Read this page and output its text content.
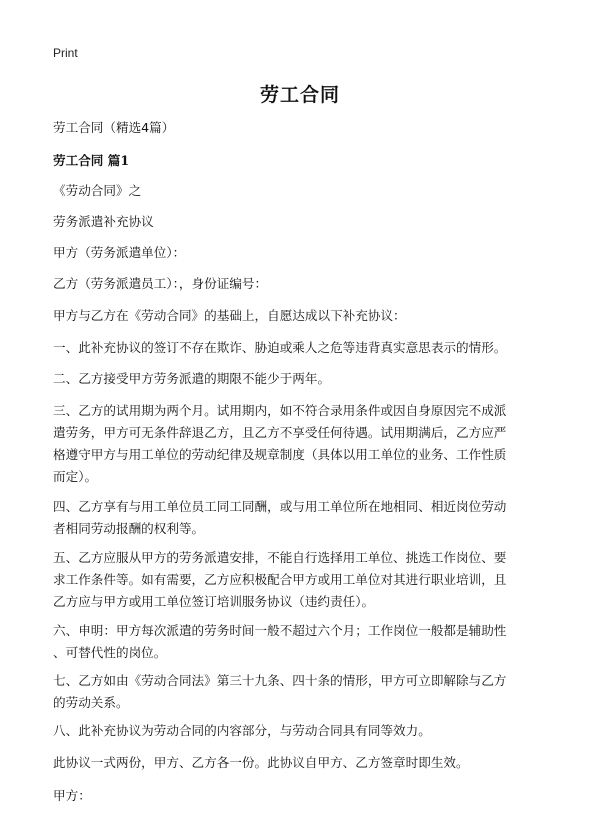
Print
劳工合同

劳工合同（精选4篇）

劳工合同 篇1

《劳动合同》之

劳务派遣补充协议

甲方（劳务派遣单位）：

乙方（劳务派遣员工）：，身份证编号：

甲方与乙方在《劳动合同》的基础上，自愿达成以下补充协议：

一、此补充协议的签订不存在欺诈、胁迫或乘人之危等违背真实意思表示的情形。

二、乙方接受甲方劳务派遣的期限不能少于两年。

三、乙方的试用期为两个月。试用期内，如不符合录用条件或因自身原因完不成派
遣劳务，甲方可无条件辞退乙方，且乙方不享受任何待遇。试用期满后，乙方应严
格遵守甲方与用工单位的劳动纪律及规章制度（具体以用工单位的业务、工作性质
而定）。

四、乙方享有与用工单位员工同工同酬，或与用工单位所在地相同、相近岗位劳动
者相同劳动报酬的权利等。

五、乙方应服从甲方的劳务派遣安排，不能自行选择用工单位、挑选工作岗位、要
求工作条件等。如有需要，乙方应积极配合甲方或用工单位对其进行职业培训，且
乙方应与甲方或用工单位签订培训服务协议（违约责任）。

六、申明：甲方每次派遣的劳务时间一般不超过六个月；工作岗位一般都是辅助性
、可替代性的岗位。

七、乙方如由《劳动合同法》第三十九条、四十条的情形，甲方可立即解除与乙方
的劳动关系。

八、此补充协议为劳动合同的内容部分，与劳动合同具有同等效力。

此协议一式两份，甲方、乙方各一份。此协议自甲方、乙方签章时即生效。

甲方：
